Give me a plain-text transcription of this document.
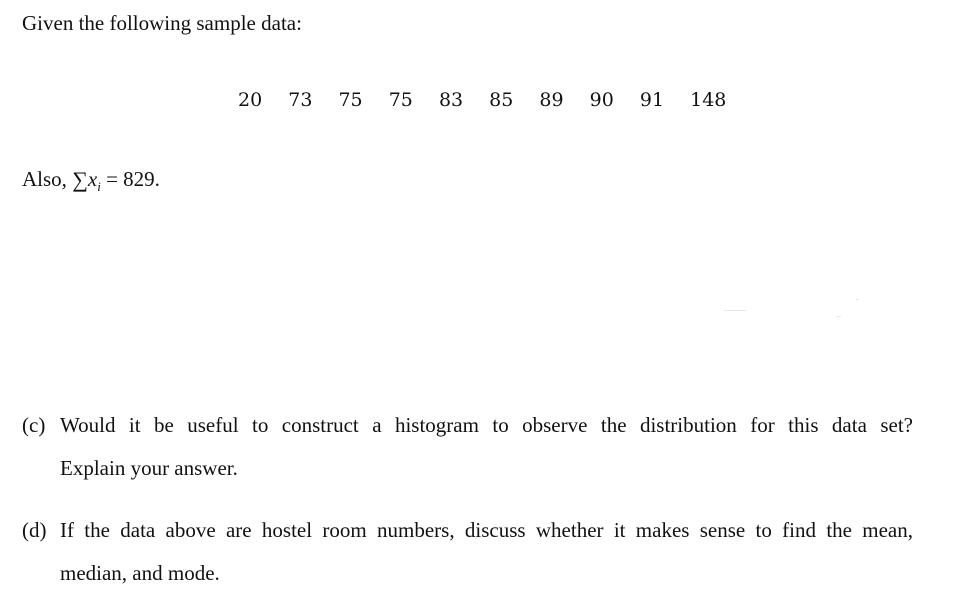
Given the following sample data:
20 73 75 75 83 85 89 90 91 148
Also, $\sum x_i = 829$.
(c) Would it be useful to construct a histogram to observe the distribution for this data set?
Explain your answer.
(d) If the data above are hostel room numbers, discuss whether it makes sense to find the mean,
median, and mode.
